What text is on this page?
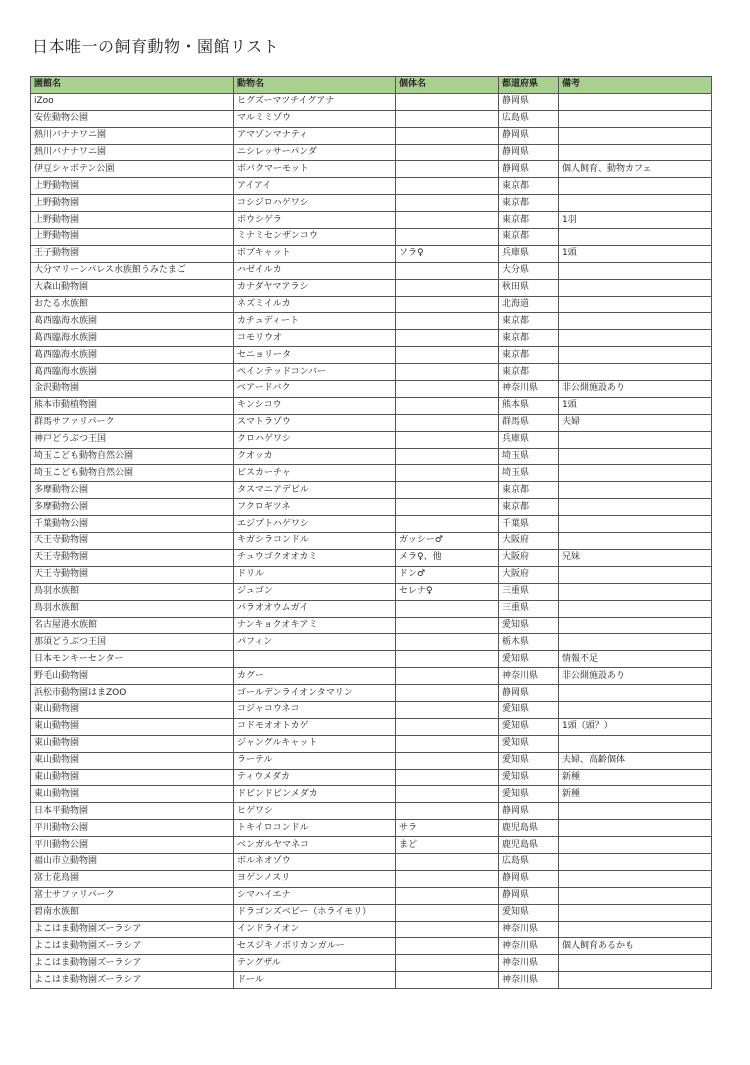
日本唯一の飼育動物・園館リスト
園館名	動物名	個体名	都道府県	備考
iZoo	ヒグズーマツチイグアナ		静岡県	
安佐動物公園	マルミミゾウ		広島県	
熱川バナナワニ園	アマゾンマナティ		静岡県	
熱川バナナワニ園	ニシレッサーパンダ		静岡県	
伊豆シャボテン公園	ボバクマーモット		静岡県	個人飼育、動物カフェ
上野動物園	アイアイ		東京都	
上野動物園	コシジロハゲワシ		東京都	
上野動物園	ボウシゲラ		東京都	1羽
上野動物園	ミナミセンザンコウ		東京都	
王子動物園	ボブキャット	ソラ♀	兵庫県	1頭
大分マリーンパレス水族館うみたまご	ハゼイルカ		大分県	
大森山動物園	カナダヤマアラシ		秋田県	
おたる水族館	ネズミイルカ		北海道	
葛西臨海水族園	カチュディート		東京都	
葛西臨海水族園	コモリウオ		東京都	
葛西臨海水族園	セニョリータ		東京都	
葛西臨海水族園	ペインテッドコンバー		東京都	
金沢動物園	ベアードバク		神奈川県	非公開施設あり
熊本市動植物園	キンシコウ		熊本県	1頭
群馬サファリパーク	スマトラゾウ		群馬県	夫婦
神戸どうぶつ王国	クロハゲワシ		兵庫県	
埼玉こども動物自然公園	クオッカ		埼玉県	
埼玉こども動物自然公園	ビスカーチャ		埼玉県	
多摩動物公園	タスマニアデビル		東京都	
多摩動物公園	フクロギツネ		東京都	
千葉動物公園	エジプトハゲワシ		千葉県	
天王寺動物園	キガシラコンドル	ガッシー♂	大阪府	
天王寺動物園	チュウゴクオオカミ	メラ♀、他	大阪府	兄妹
天王寺動物園	ドリル	ドン♂	大阪府	
鳥羽水族館	ジュゴン	セレナ♀	三重県	
鳥羽水族館	パラオオウムガイ		三重県	
名古屋港水族館	ナンキョクオキアミ		愛知県	
那須どうぶつ王国	パフィン		栃木県	
日本モンキーセンター			愛知県	情報不足
野毛山動物園	カグー		神奈川県	非公開施設あり
浜松市動物園はまZOO	ゴールデンライオンタマリン		静岡県	
東山動物園	コジャコウネコ		愛知県	
東山動物園	コドモオオトカゲ		愛知県	1頭（頭？）
東山動物園	ジャングルキャット		愛知県	
東山動物園	ラーテル		愛知県	夫婦、高齢個体
東山動物園	ティウメダカ		愛知県	新種
東山動物園	ドビンドビンメダカ		愛知県	新種
日本平動物園	ヒゲワシ		静岡県	
平川動物公園	トキイロコンドル	サラ	鹿児島県	
平川動物公園	ベンガルヤマネコ	まど	鹿児島県	
福山市立動物園	ボルネオゾウ		広島県	
富士花鳥園	ヨゲンノスリ		静岡県	
富士サファリパーク	シマハイエナ		静岡県	
碧南水族館	ドラゴンズベビー（ホライモリ）		愛知県	
よこはま動物園ズーラシア	インドライオン		神奈川県	
よこはま動物園ズーラシア	セスジキノボリカンガルー		神奈川県	個人飼育あるかも
よこはま動物園ズーラシア	テングザル		神奈川県	
よこはま動物園ズーラシア	ドール		神奈川県	
